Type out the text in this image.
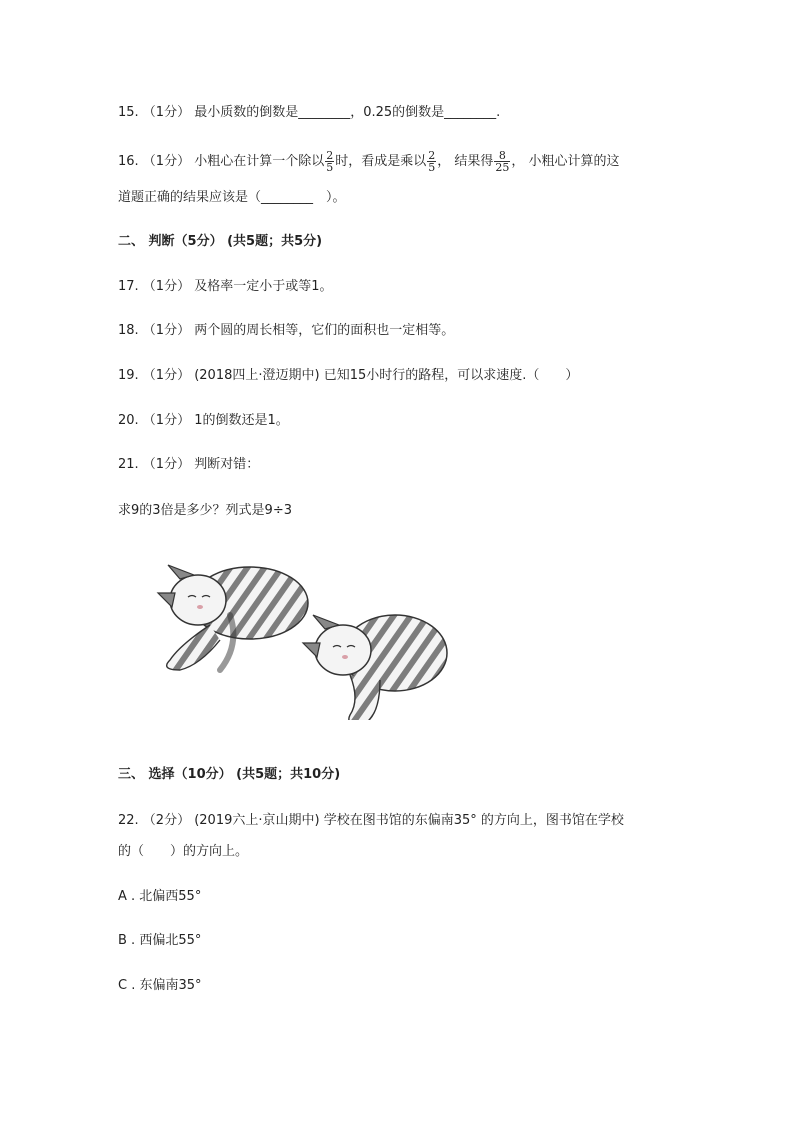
15. （1分） 最小质数的倒数是________，0.25的倒数是________.
16. （1分） 小粗心在计算一个除以 $\frac{2}{5}$ 时，看成是乘以 $\frac{2}{5}$ ， 结果得 $\frac{8}{25}$ ， 小粗心计算的这
道题正确的结果应该是（________　）。
二、 判断（5分） (共5题；共5分)
17. （1分） 及格率一定小于或等1。
18. （1分） 两个圆的周长相等，它们的面积也一定相等。
19. （1分） (2018四上·澄迈期中) 已知15小时行的路程，可以求速度.（　　）
20. （1分） 1的倒数还是1。
21. （1分） 判断对错：
求9的3倍是多少？列式是9÷3
三、 选择（10分） (共5题；共10分)
22. （2分） (2019六上·京山期中) 学校在图书馆的东偏南35° 的方向上，图书馆在学校
的（　　）的方向上。
A . 北偏西55°
B . 西偏北55°
C . 东偏南35°
